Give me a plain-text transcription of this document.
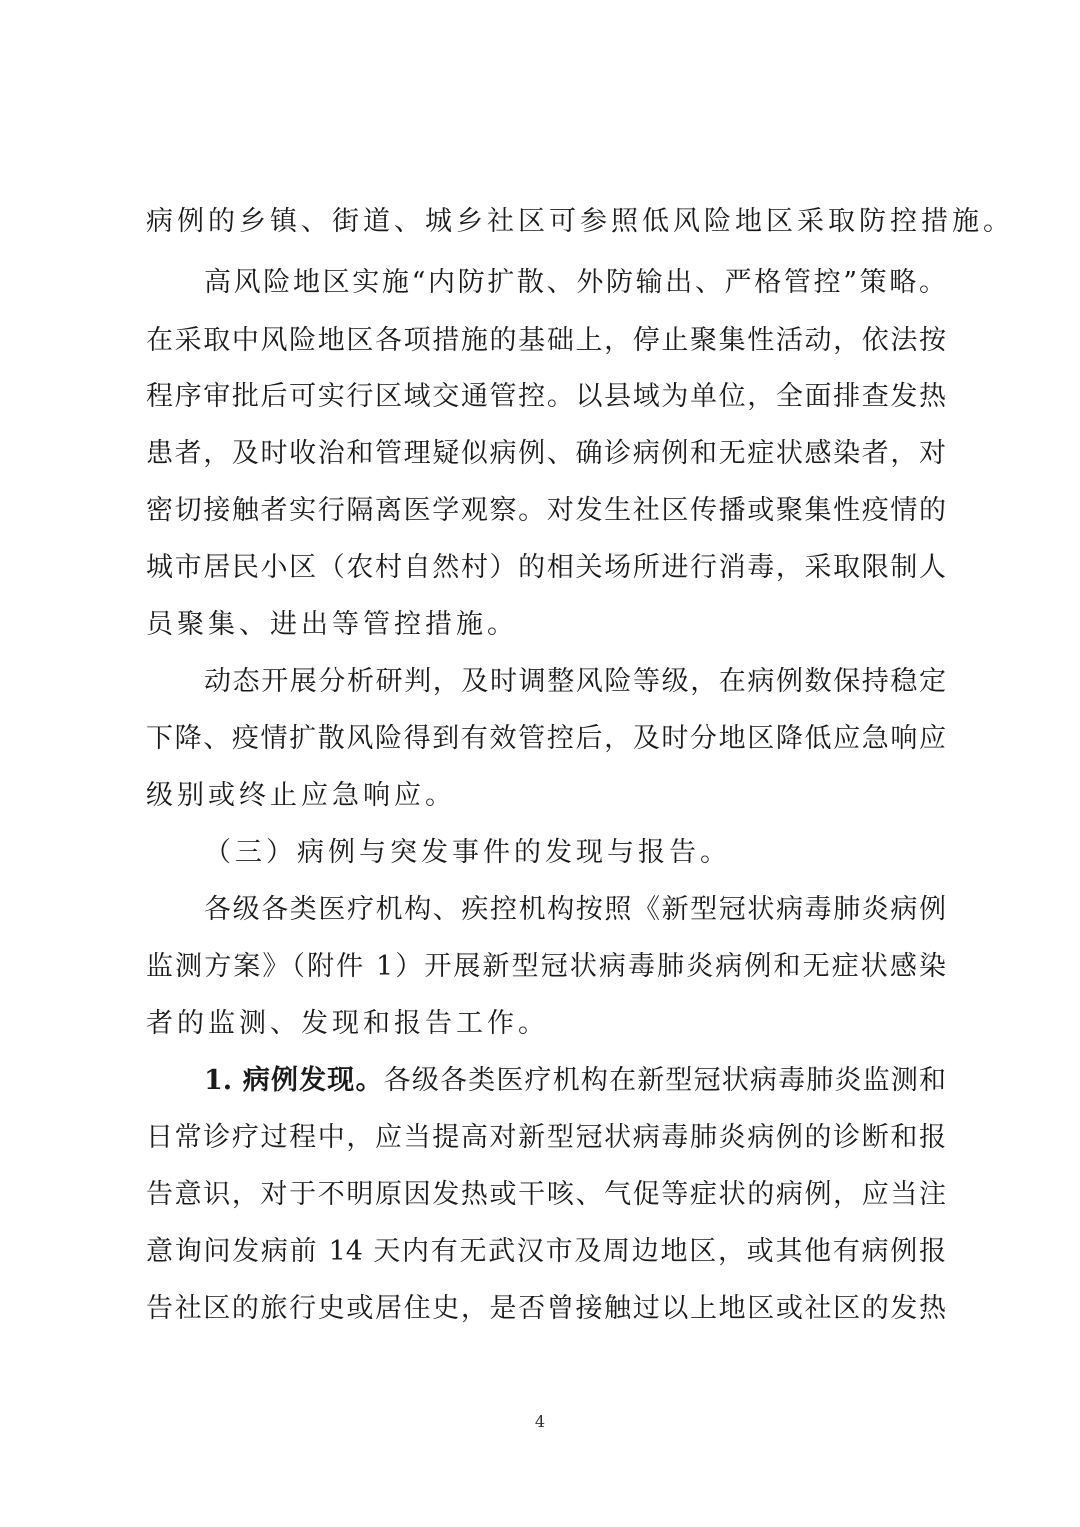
病例的乡镇、街道、城乡社区可参照低风险地区采取防控措施。
高风险地区实施“内防扩散、外防输出、严格管控”策略。
在采取中风险地区各项措施的基础上，停止聚集性活动，依法按
程序审批后可实行区域交通管控。以县域为单位，全面排查发热
患者，及时收治和管理疑似病例、确诊病例和无症状感染者，对
密切接触者实行隔离医学观察。对发生社区传播或聚集性疫情的
城市居民小区（农村自然村）的相关场所进行消毒，采取限制人
员聚集、进出等管控措施。
动态开展分析研判，及时调整风险等级，在病例数保持稳定
下降、疫情扩散风险得到有效管控后，及时分地区降低应急响应
级别或终止应急响应。
（三）病例与突发事件的发现与报告。
各级各类医疗机构、疾控机构按照《新型冠状病毒肺炎病例
监测方案》（附件 1）开展新型冠状病毒肺炎病例和无症状感染
者的监测、发现和报告工作。
1. 病例发现。各级各类医疗机构在新型冠状病毒肺炎监测和
日常诊疗过程中，应当提高对新型冠状病毒肺炎病例的诊断和报
告意识，对于不明原因发热或干咳、气促等症状的病例，应当注
意询问发病前 14 天内有无武汉市及周边地区，或其他有病例报
告社区的旅行史或居住史，是否曾接触过以上地区或社区的发热
4
